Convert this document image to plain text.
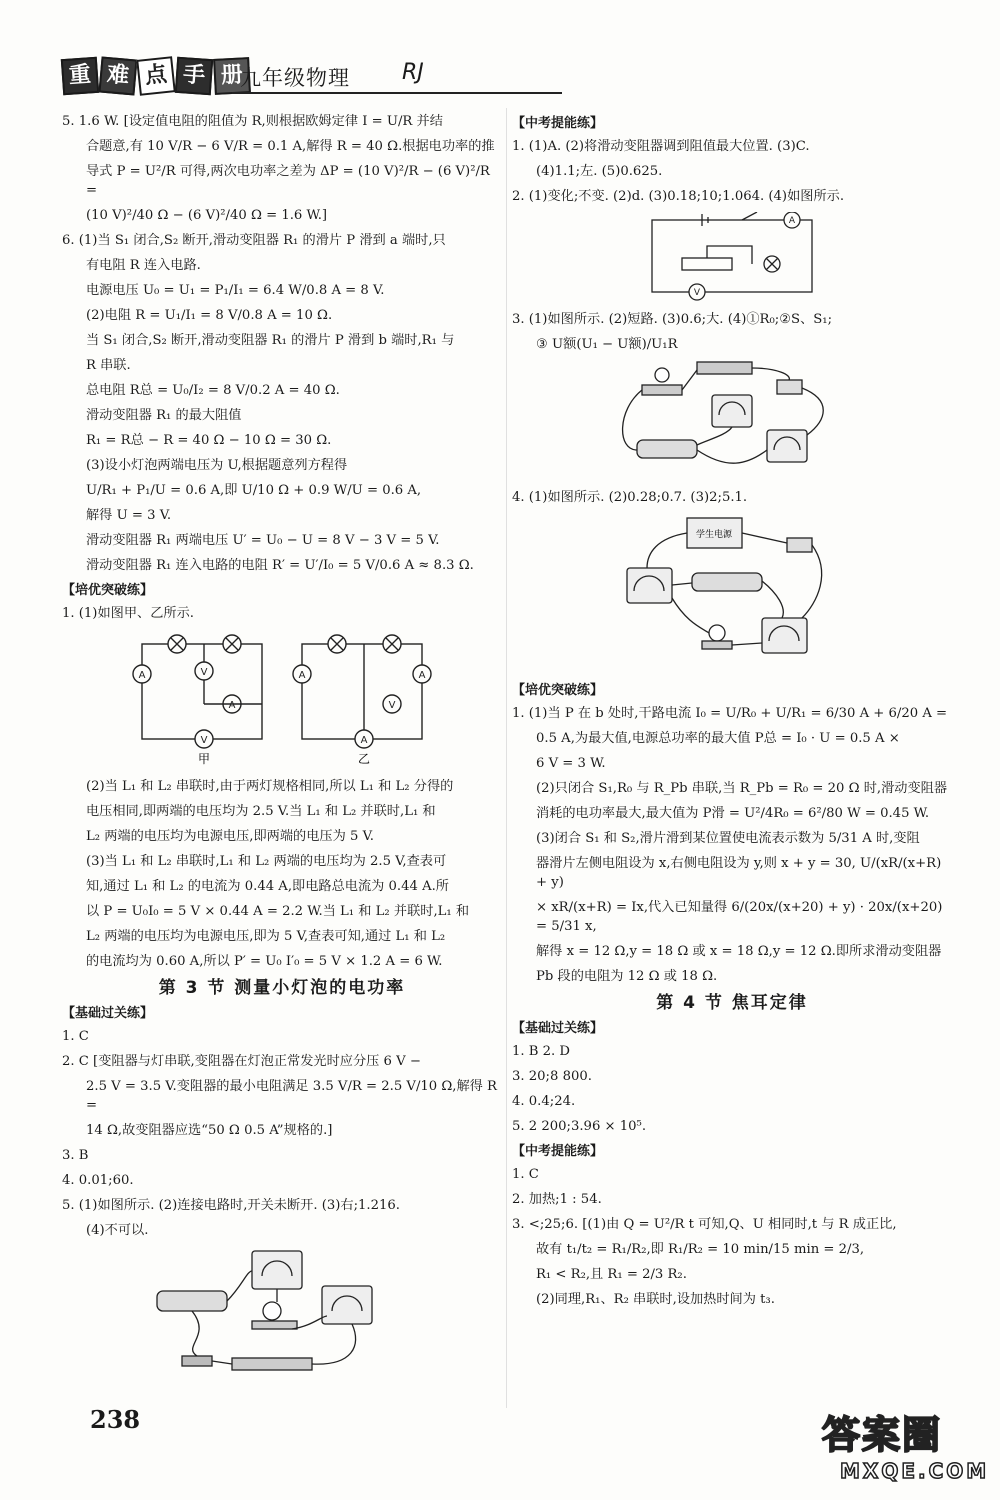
重 难 点 手 册
九年级物理 RJ

5. 1.6 W. [设定值电阻的阻值为 R,则根据欧姆定律 I = U/R 并结

合题意,有 10 V/R − 6 V/R = 0.1 A,解得 R = 40 Ω.根据电功率的推

导式 P = U²/R 可得,两次电功率之差为 ΔP = (10 V)²/R − (6 V)²/R =

(10 V)²/40 Ω − (6 V)²/40 Ω = 1.6 W.]

6. (1)当 S₁ 闭合,S₂ 断开,滑动变阻器 R₁ 的滑片 P 滑到 a 端时,只

有电阻 R 连入电路.

电源电压 U₀ = U₁ = P₁/I₁ = 6.4 W/0.8 A = 8 V.

(2)电阻 R = U₁/I₁ = 8 V/0.8 A = 10 Ω.

当 S₁ 闭合,S₂ 断开,滑动变阻器 R₁ 的滑片 P 滑到 b 端时,R₁ 与

R 串联.

总电阻 R总 = U₀/I₂ = 8 V/0.2 A = 40 Ω.

滑动变阻器 R₁ 的最大阻值

R₁ = R总 − R = 40 Ω − 10 Ω = 30 Ω.

(3)设小灯泡两端电压为 U,根据题意列方程得

U/R₁ + P₁/U = 0.6 A,即 U/10 Ω + 0.9 W/U = 0.6 A,

解得 U = 3 V.

滑动变阻器 R₁ 两端电压 U′ = U₀ − U = 8 V − 3 V = 5 V.

滑动变阻器 R₁ 连入电路的电阻 R′ = U′/I₀ = 5 V/0.6 A ≈ 8.3 Ω.

【培优突破练】

1. (1)如图甲、乙所示.

A	V
A
V
A	A
V
A
甲	乙

(2)当 L₁ 和 L₂ 串联时,由于两灯规格相同,所以 L₁ 和 L₂ 分得的

电压相同,即两端的电压均为 2.5 V.当 L₁ 和 L₂ 并联时,L₁ 和

L₂ 两端的电压均为电源电压,即两端的电压为 5 V.

(3)当 L₁ 和 L₂ 串联时,L₁ 和 L₂ 两端的电压均为 2.5 V,查表可

知,通过 L₁ 和 L₂ 的电流为 0.44 A,即电路总电流为 0.44 A.所

以 P = U₀I₀ = 5 V × 0.44 A = 2.2 W.当 L₁ 和 L₂ 并联时,L₁ 和

L₂ 两端的电压均为电源电压,即为 5 V,查表可知,通过 L₁ 和 L₂

的电流均为 0.60 A,所以 P′ = U₀ I′₀ = 5 V × 1.2 A = 6 W.

第 3 节 测量小灯泡的电功率
【基础过关练】

1. C

2. C [变阻器与灯串联,变阻器在灯泡正常发光时应分压 6 V −

2.5 V = 3.5 V.变阻器的最小电阻满足 3.5 V/R = 2.5 V/10 Ω,解得 R =

14 Ω,故变阻器应选“50 Ω 0.5 A”规格的.]

3. B

4. 0.01;60.

5. (1)如图所示. (2)连接电路时,开关未断开. (3)右;1.216.

(4)不可以.

【中考提能练】

1. (1)A. (2)将滑动变阻器调到阻值最大位置. (3)C.

(4)1.1;左. (5)0.625.

2. (1)变化;不变. (2)d. (3)0.18;10;1.064. (4)如图所示.

A
V

3. (1)如图所示. (2)短路. (3)0.6;大. (4)①R₀;②S、S₁;

③ U额(U₁ − U额)/U₁R

4. (1)如图所示. (2)0.28;0.7. (3)2;5.1.

学生电源
【培优突破练】

1. (1)当 P 在 b 处时,干路电流 I₀ = U/R₀ + U/R₁ = 6/30 A + 6/20 A =

0.5 A,为最大值,电源总功率的最大值 P总 = I₀ · U = 0.5 A ×

6 V = 3 W.

(2)只闭合 S₁,R₀ 与 R_Pb 串联,当 R_Pb = R₀ = 20 Ω 时,滑动变阻器

消耗的电功率最大,最大值为 P滑 = U²/4R₀ = 6²/80 W = 0.45 W.

(3)闭合 S₁ 和 S₂,滑片滑到某位置使电流表示数为 5/31 A 时,变阻

器滑片左侧电阻设为 x,右侧电阻设为 y,则 x + y = 30, U/(xR/(x+R) + y)

× xR/(x+R) = Ix,代入已知量得 6/(20x/(x+20) + y) · 20x/(x+20) = 5/31 x,

解得 x = 12 Ω,y = 18 Ω 或 x = 18 Ω,y = 12 Ω.即所求滑动变阻器

Pb 段的电阻为 12 Ω 或 18 Ω.

第 4 节 焦耳定律
【基础过关练】

1. B 2. D

3. 20;8 800.

4. 0.4;24.

5. 2 200;3.96 × 10⁵.

【中考提能练】

1. C

2. 加热;1 : 54.

3. <;25;6. [(1)由 Q = U²/R t 可知,Q、U 相同时,t 与 R 成正比,

故有 t₁/t₂ = R₁/R₂,即 R₁/R₂ = 10 min/15 min = 2/3,

R₁ < R₂,且 R₁ = 2/3 R₂.

(2)同理,R₁、R₂ 串联时,设加热时间为 t₃.

238	答案圈
MXQE.COM
